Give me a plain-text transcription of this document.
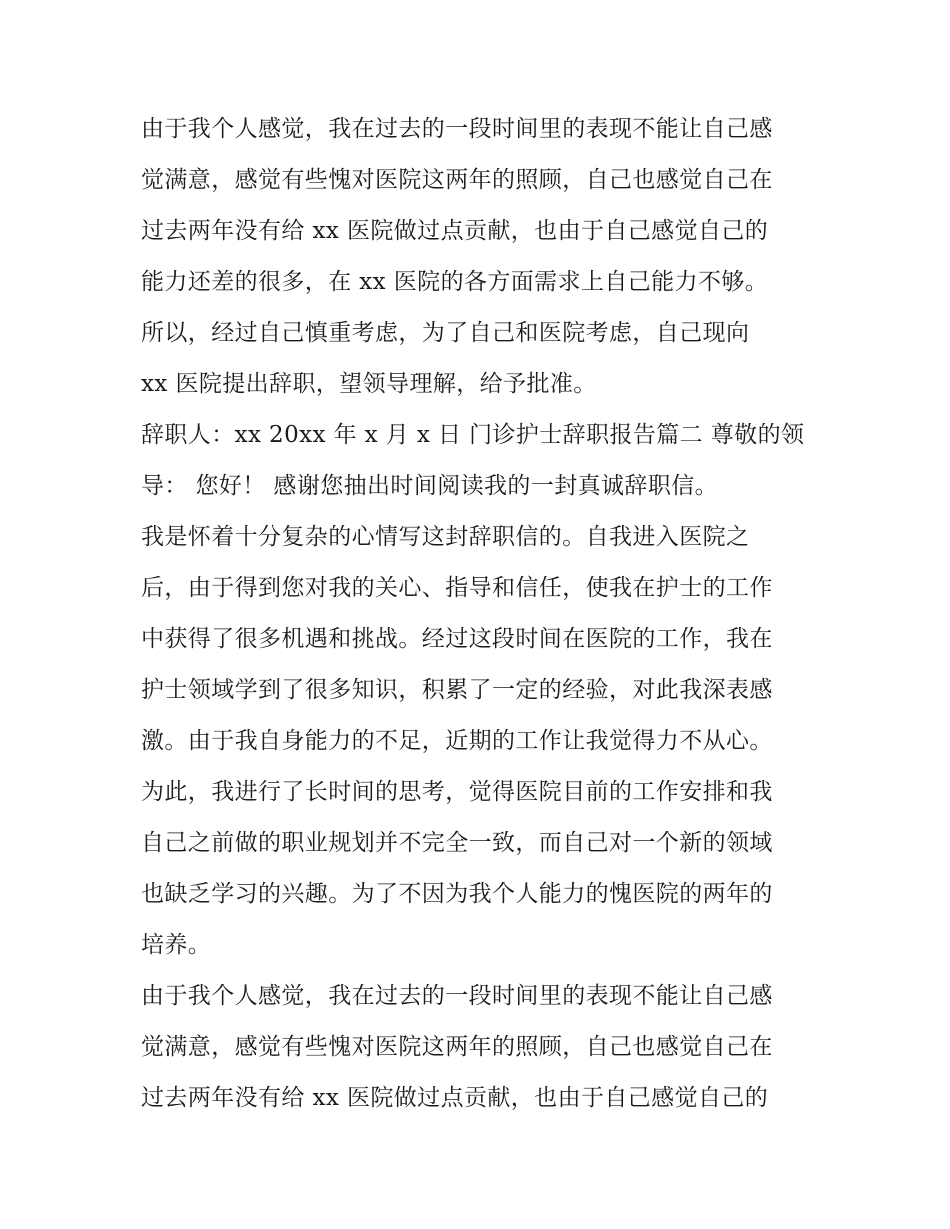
由于我个人感觉，我在过去的一段时间里的表现不能让自己感
觉满意，感觉有些愧对医院这两年的照顾，自己也感觉自己在
过去两年没有给 xx 医院做过点贡献，也由于自己感觉自己的
能力还差的很多，在 xx 医院的各方面需求上自己能力不够。
所以，经过自己慎重考虑，为了自己和医院考虑，自己现向
xx 医院提出辞职，望领导理解，给予批准。
辞职人：xx 20xx 年 x 月 x 日 门诊护士辞职报告篇二 尊敬的领
导： 您好！ 感谢您抽出时间阅读我的一封真诚辞职信。
我是怀着十分复杂的心情写这封辞职信的。自我进入医院之
后，由于得到您对我的关心、指导和信任，使我在护士的工作
中获得了很多机遇和挑战。经过这段时间在医院的工作，我在
护士领域学到了很多知识，积累了一定的经验，对此我深表感
激。由于我自身能力的不足，近期的工作让我觉得力不从心。
为此，我进行了长时间的思考，觉得医院目前的工作安排和我
自己之前做的职业规划并不完全一致，而自己对一个新的领域
也缺乏学习的兴趣。为了不因为我个人能力的愧医院的两年的
培养。
由于我个人感觉，我在过去的一段时间里的表现不能让自己感
觉满意，感觉有些愧对医院这两年的照顾，自己也感觉自己在
过去两年没有给 xx 医院做过点贡献，也由于自己感觉自己的
